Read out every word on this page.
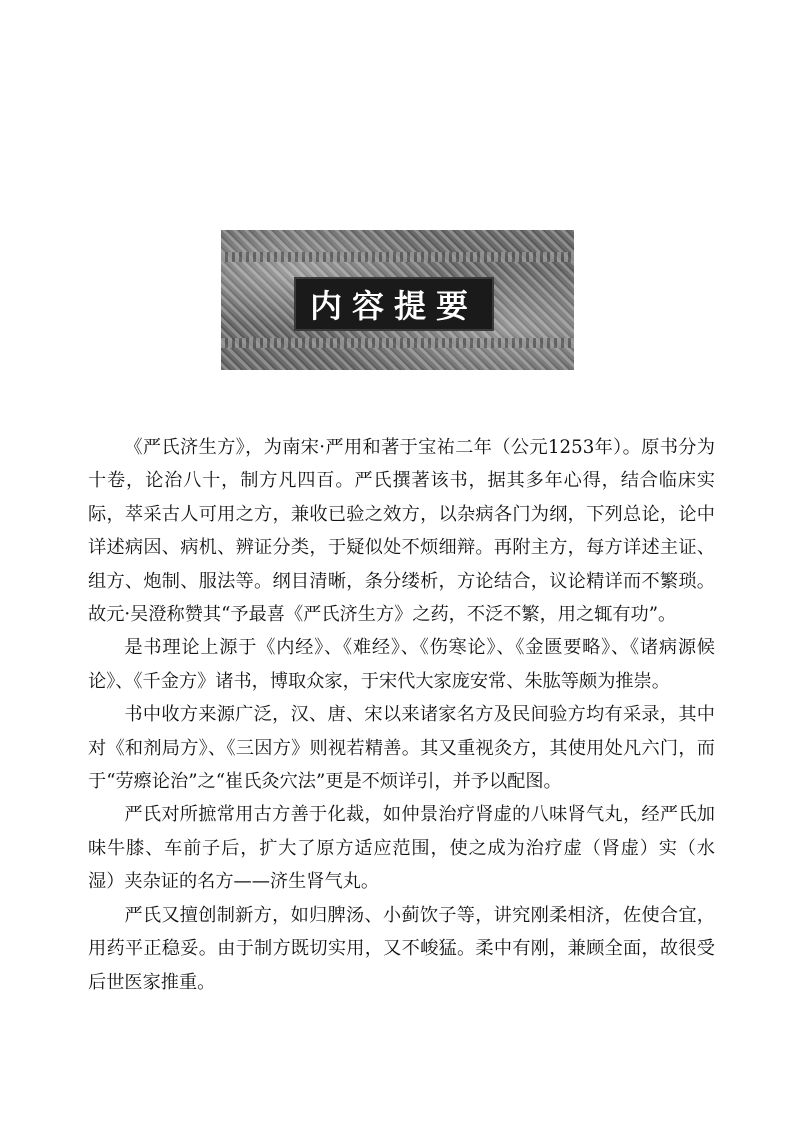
内容提要

《严氏济生方》，为南宋·严用和著于宝祐二年（公元1253年）。原书分为十卷，论治八十，制方凡四百。严氏撰著该书，据其多年心得，结合临床实际，萃采古人可用之方，兼收已验之效方，以杂病各门为纲，下列总论，论中详述病因、病机、辨证分类，于疑似处不烦细辩。再附主方，每方详述主证、组方、炮制、服法等。纲目清晰，条分缕析，方论结合，议论精详而不繁琐。故元·吴澄称赞其“予最喜《严氏济生方》之药，不泛不繁，用之辄有功”。

是书理论上源于《内经》、《难经》、《伤寒论》、《金匮要略》、《诸病源候论》、《千金方》诸书，博取众家，于宋代大家庞安常、朱肱等颇为推崇。

书中收方来源广泛，汉、唐、宋以来诸家名方及民间验方均有采录，其中对《和剂局方》、《三因方》则视若精善。其又重视灸方，其使用处凡六门，而于“劳瘵论治”之“崔氏灸穴法”更是不烦详引，并予以配图。

严氏对所摭常用古方善于化裁，如仲景治疗肾虚的八味肾气丸，经严氏加味牛膝、车前子后，扩大了原方适应范围，使之成为治疗虚（肾虚）实（水湿）夹杂证的名方——济生肾气丸。

严氏又擅创制新方，如归脾汤、小蓟饮子等，讲究刚柔相济，佐使合宜，用药平正稳妥。由于制方既切实用，又不峻猛。柔中有刚，兼顾全面，故很受后世医家推重。
